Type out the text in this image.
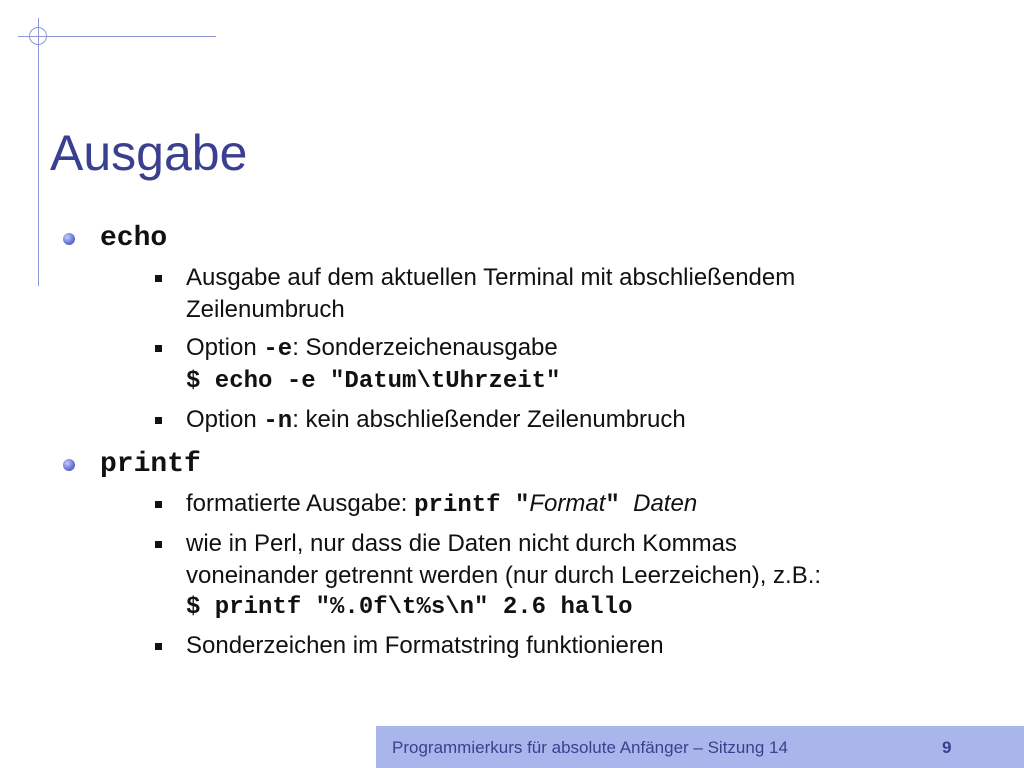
Ausgabe
echo
Ausgabe auf dem aktuellen Terminal mit abschließendem
Zeilenumbruch
Option -e: Sonderzeichenausgabe
$ echo -e "Datum\tUhrzeit"
Option -n: kein abschließender Zeilenumbruch
printf
formatierte Ausgabe: printf "Format" Daten
wie in Perl, nur dass die Daten nicht durch Kommas
voneinander getrennt werden (nur durch Leerzeichen), z.B.:
$ printf "%.0f\t%s\n" 2.6 hallo
Sonderzeichen im Formatstring funktionieren
Programmierkurs für absolute Anfänger – Sitzung 14	9
